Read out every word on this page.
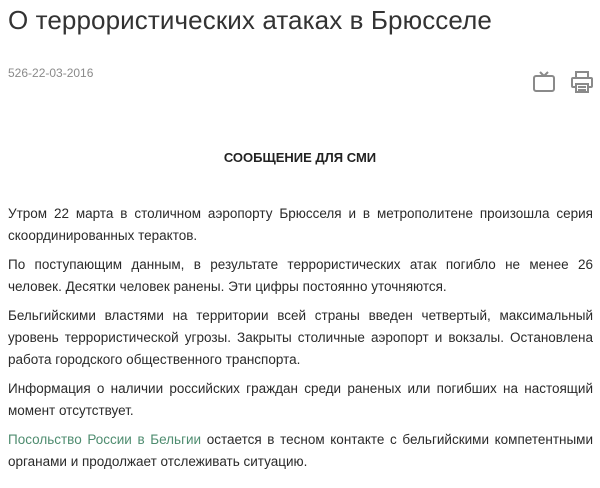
О террористических атаках в Брюсселе
526-22-03-2016
СООБЩЕНИЕ ДЛЯ СМИ

Утром 22 марта в столичном аэропорту Брюсселя и в метрополитене произошла серия скоординированных терактов.

По поступающим данным, в результате террористических атак погибло не менее 26 человек. Десятки человек ранены. Эти цифры постоянно уточняются.

Бельгийскими властями на территории всей страны введен четвертый, максимальный уровень террористической угрозы. Закрыты столичные аэропорт и вокзалы. Остановлена работа городского общественного транспорта.

Информация о наличии российских граждан среди раненых или погибших на настоящий момент отсутствует.

Посольство России в Бельгии остается в тесном контакте с бельгийскими компетентными органами и продолжает отслеживать ситуацию.
